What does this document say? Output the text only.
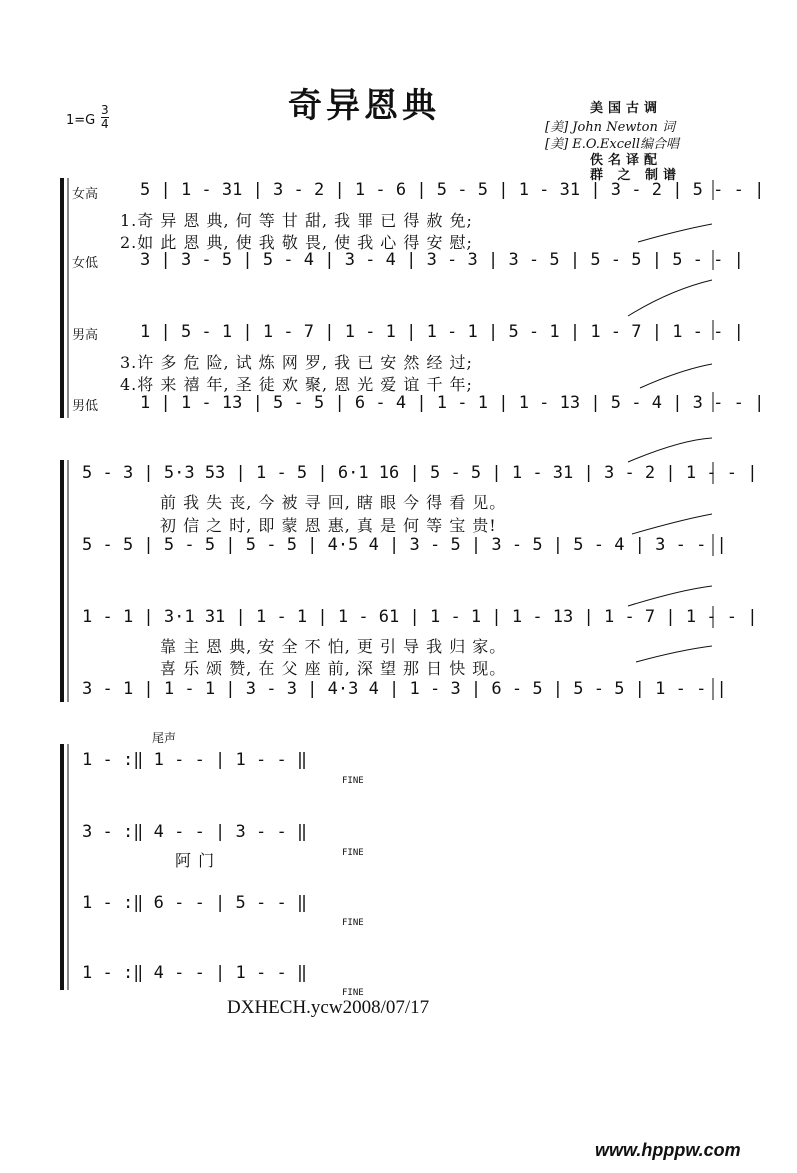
奇异恩典
$1=G \frac{3}{4}$	美国古调
[美] John Newton 词
[美] E.O.Excell编合唱
佚名译配
群 之 制谱
女高
女低
男高
男低
5 | 1 - 31 | 3 - 2 | 1 - 6 | 5 - 5 | 1 - 31 | 3 - 2 | 5 - - |
1.奇 异 恩 典, 何 等 甘 甜, 我 罪 已 得 赦 免;
2.如 此 恩 典, 使 我 敬 畏, 使 我 心 得 安 慰;
3 | 3 - 5 | 5 - 4 | 3 - 4 | 3 - 3 | 3 - 5 | 5 - 5 | 5 - - |
1 | 5 - 1 | 1 - 7 | 1 - 1 | 1 - 1 | 5 - 1 | 1 - 7 | 1 - - |
3.许 多 危 险, 试 炼 网 罗, 我 已 安 然 经 过;
4.将 来 禧 年, 圣 徒 欢 聚, 恩 光 爱 谊 千 年;
1 | 1 - 13 | 5 - 5 | 6 - 4 | 1 - 1 | 1 - 13 | 5 - 4 | 3 - - |
5 - 3 | 5·3 53 | 1 - 5 | 6·1 16 | 5 - 5 | 1 - 31 | 3 - 2 | 1 - - |
前 我 失 丧, 今 被 寻 回, 瞎 眼 今 得 看 见。
初 信 之 时, 即 蒙 恩 惠, 真 是 何 等 宝 贵!
5 - 5 | 5 - 5 | 5 - 5 | 4·5 4 | 3 - 5 | 3 - 5 | 5 - 4 | 3 - - |
1 - 1 | 3·1 31 | 1 - 1 | 1 - 61 | 1 - 1 | 1 - 13 | 1 - 7 | 1 - - |
靠 主 恩 典, 安 全 不 怕, 更 引 导 我 归 家。
喜 乐 颂 赞, 在 父 座 前, 深 望 那 日 快 现。
3 - 1 | 1 - 1 | 3 - 3 | 4·3 4 | 1 - 3 | 6 - 5 | 5 - 5 | 1 - - |
尾声
1 - :‖ 1 - - | 1 - - ‖
FINE
3 - :‖ 4 - - | 3 - - ‖
阿 门	FINE
1 - :‖ 6 - - | 5 - - ‖
FINE
1 - :‖ 4 - - | 1 - - ‖
FINE
DXHECH.ycw2008/07/17
www.hpppw.com
